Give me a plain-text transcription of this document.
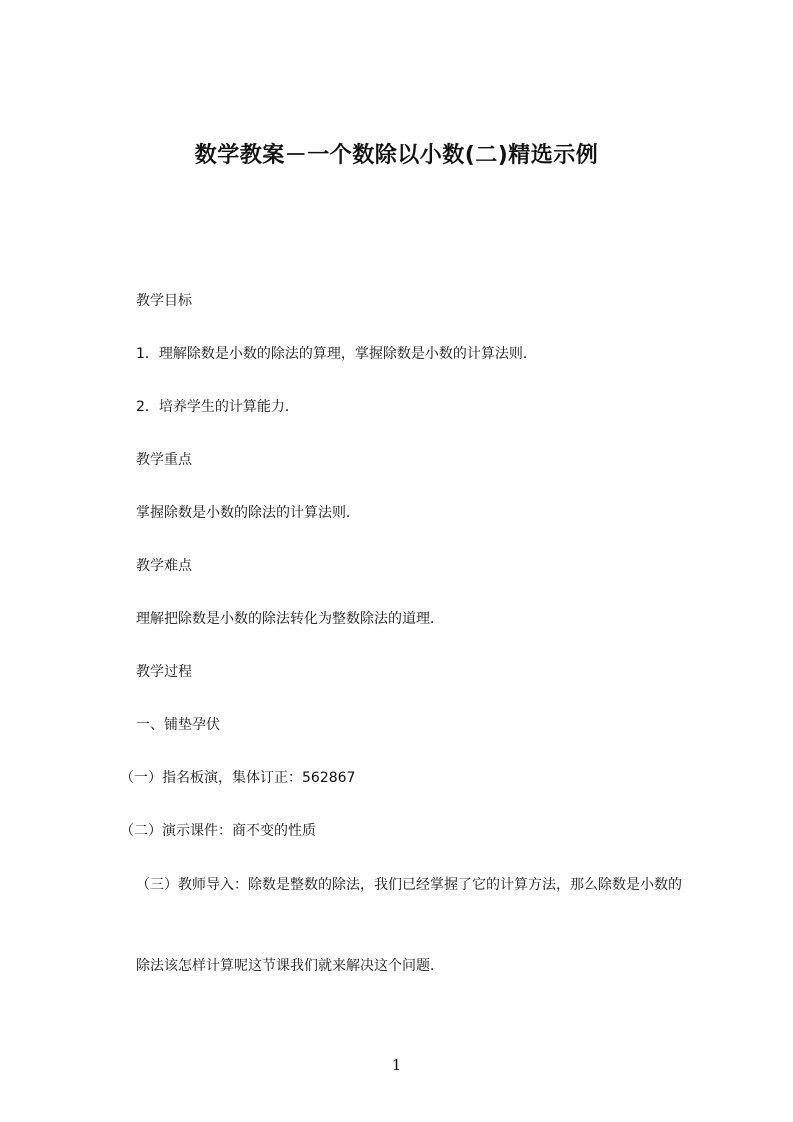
数学教案－一个数除以小数(二)精选示例
教学目标
1．理解除数是小数的除法的算理，掌握除数是小数的计算法则．
2．培养学生的计算能力．
教学重点
掌握除数是小数的除法的计算法则．
教学难点
理解把除数是小数的除法转化为整数除法的道理．
教学过程
一、铺垫孕伏
（一）指名板演，集体订正：562867
（二）演示课件：商不变的性质
（三）教师导入：除数是整数的除法，我们已经掌握了它的计算方法，那么除数是小数的
除法该怎样计算呢这节课我们就来解决这个问题．
1
